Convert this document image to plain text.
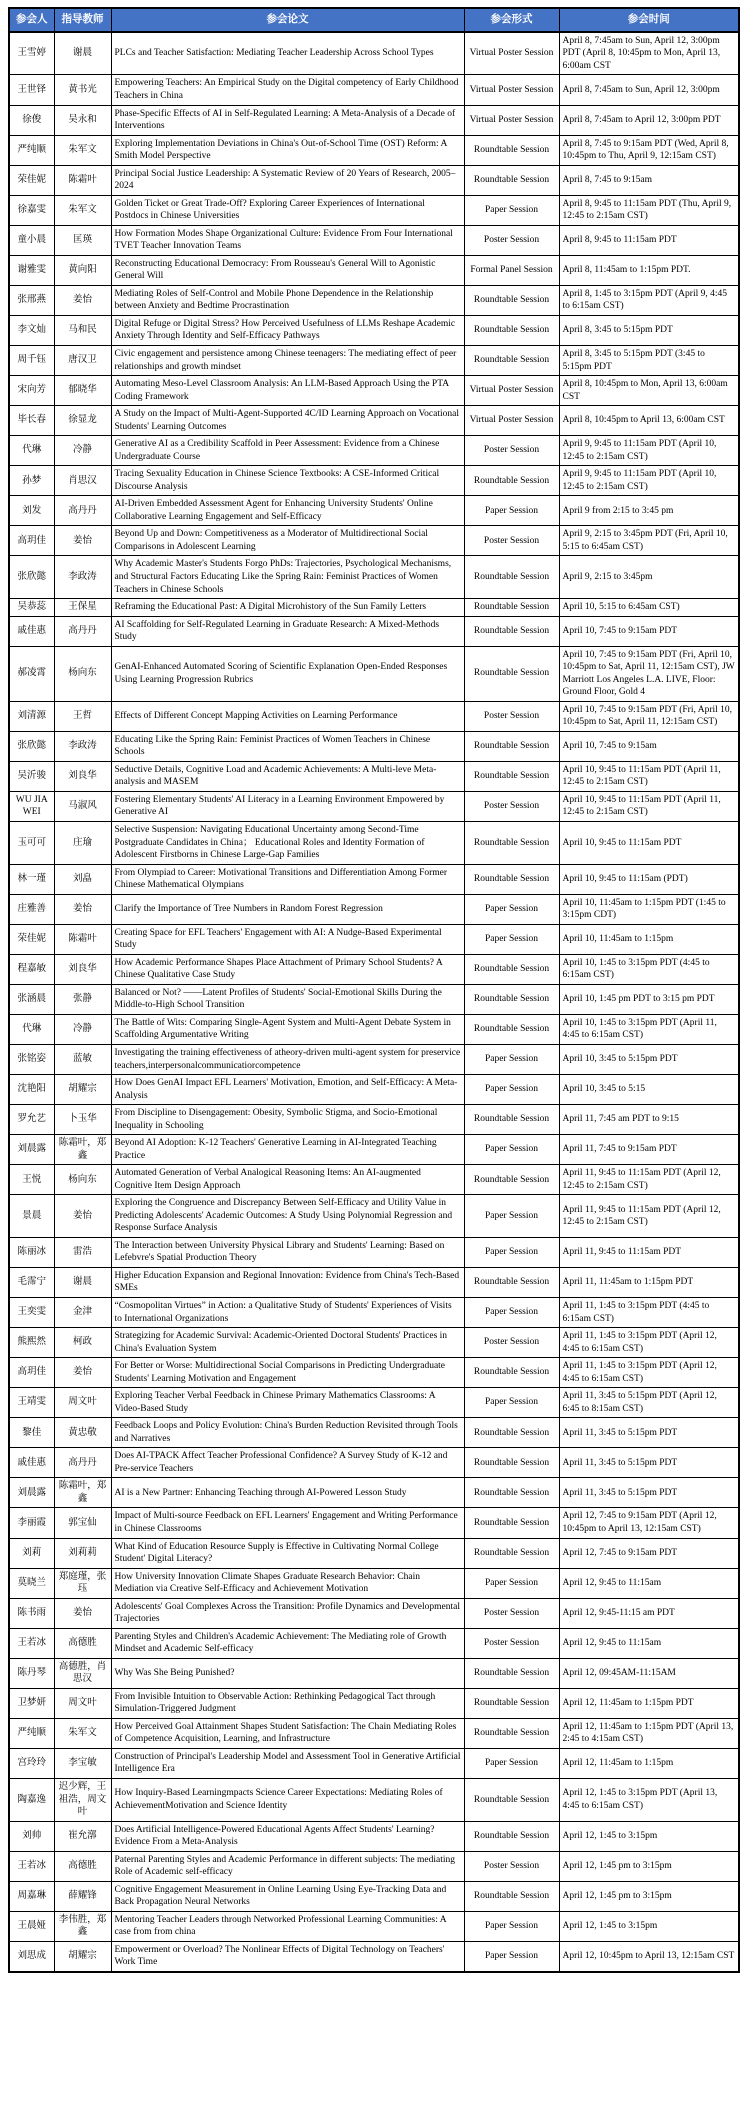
参会人	指导教师	参会论文	参会形式	参会时间
王雪婷	谢晨	PLCs and Teacher Satisfaction: Mediating Teacher Leadership Across School Types	Virtual Poster Session	April 8, 7:45am to Sun, April 12, 3:00pm PDT (April 8, 10:45pm to Mon, April 13, 6:00am CST
王世铎	黄书光	Empowering Teachers: An Empirical Study on the Digital competency of Early Childhood Teachers in China	Virtual Poster Session	April 8, 7:45am to Sun, April 12, 3:00pm
徐俊	吴永和	Phase-Specific Effects of AI in Self-Regulated Learning: A Meta-Analysis of a Decade of Interventions	Virtual Poster Session	April 8, 7:45am to April 12, 3:00pm PDT
严纯顺	朱军文	Exploring Implementation Deviations in China's Out-of-School Time (OST) Reform: A Smith Model Perspective	Roundtable Session	April 8, 7:45 to 9:15am PDT (Wed, April 8, 10:45pm to Thu, April 9, 12:15am CST)
荣佳妮	陈霜叶	Principal Social Justice Leadership: A Systematic Review of 20 Years of Research, 2005–2024	Roundtable Session	April 8, 7:45 to 9:15am
徐嘉雯	朱军文	Golden Ticket or Great Trade-Off? Exploring Career Experiences of International Postdocs in Chinese Universities	Paper Session	April 8, 9:45 to 11:15am PDT (Thu, April 9, 12:45 to 2:15am CST)
童小晨	匡瑛	How Formation Modes Shape Organizational Culture: Evidence From Four International TVET Teacher Innovation Teams	Poster Session	April 8, 9:45 to 11:15am PDT
谢雅雯	黄向阳	Reconstructing Educational Democracy: From Rousseau's General Will to Agonistic General Will	Formal Panel Session	April 8, 11:45am to 1:15pm PDT.
张邢燕	姜怡	Mediating Roles of Self-Control and Mobile Phone Dependence in the Relationship between Anxiety and Bedtime Procrastination	Roundtable Session	April 8, 1:45 to 3:15pm PDT (April 9, 4:45 to 6:15am CST)
李文灿	马和民	Digital Refuge or Digital Stress? How Perceived Usefulness of LLMs Reshape Academic Anxiety Through Identity and Self-Efficacy Pathways	Roundtable Session	April 8, 3:45 to 5:15pm PDT
周千钰	唐汉卫	Civic engagement and persistence among Chinese teenagers: The mediating effect of peer relationships and growth mindset	Roundtable Session	April 8, 3:45 to 5:15pm PDT (3:45 to 5:15pm PDT
宋向芳	郁晓华	Automating Meso-Level Classroom Analysis: An LLM-Based Approach Using the PTA Coding Framework	Virtual Poster Session	April 8, 10:45pm to Mon, April 13, 6:00am CST
毕长春	徐显龙	A Study on the Impact of Multi-Agent-Supported 4C/ID Learning Approach on Vocational Students' Learning Outcomes	Virtual Poster Session	April 8, 10:45pm to April 13, 6:00am CST
代琳	冷静	Generative AI as a Credibility Scaffold in Peer Assessment: Evidence from a Chinese Undergraduate Course	Poster Session	April 9, 9:45 to 11:15am PDT (April 10, 12:45 to 2:15am CST)
孙梦	肖思汉	Tracing Sexuality Education in Chinese Science Textbooks: A CSE-Informed Critical Discourse Analysis	Roundtable Session	April 9, 9:45 to 11:15am PDT (April 10, 12:45 to 2:15am CST)
刘发	高丹丹	AI-Driven Embedded Assessment Agent for Enhancing University Students' Online Collaborative Learning Engagement and Self-Efficacy	Paper Session	April 9 from 2:15 to 3:45 pm
高玥佳	姜怡	Beyond Up and Down: Competitiveness as a Moderator of Multidirectional Social Comparisons in Adolescent Learning	Poster Session	April 9, 2:15 to 3:45pm PDT (Fri, April 10, 5:15 to 6:45am CST)
张欣懿	李政涛	Why Academic Master's Students Forgo PhDs: Trajectories, Psychological Mechanisms, and Structural Factors Educating Like the Spring Rain: Feminist Practices of Women Teachers in Chinese Schools	Roundtable Session	April 9, 2:15 to 3:45pm
吴恭蕊	王保星	Reframing the Educational Past: A Digital Microhistory of the Sun Family Letters	Roundtable Session	April 10, 5:15 to 6:45am CST)
戚佳惠	高丹丹	AI Scaffolding for Self-Regulated Learning in Graduate Research: A Mixed-Methods Study	Roundtable Session	April 10, 7:45 to 9:15am PDT
郝凌霄	杨向东	GenAI-Enhanced Automated Scoring of Scientific Explanation Open-Ended Responses Using Learning Progression Rubrics	Roundtable Session	April 10, 7:45 to 9:15am PDT (Fri, April 10, 10:45pm to Sat, April 11, 12:15am CST), JW Marriott Los Angeles L.A. LIVE, Floor: Ground Floor, Gold 4
刘清源	王哲	Effects of Different Concept Mapping Activities on Learning Performance	Poster Session	April 10, 7:45 to 9:15am PDT (Fri, April 10, 10:45pm to Sat, April 11, 12:15am CST)
张欣懿	李政涛	Educating Like the Spring Rain: Feminist Practices of Women Teachers in Chinese Schools	Roundtable Session	April 10, 7:45 to 9:15am
吴沂骏	刘良华	Seductive Details, Cognitive Load and Academic Achievements: A Multi-leve Meta-analysis and MASEM	Roundtable Session	April 10, 9:45 to 11:15am PDT (April 11, 12:45 to 2:15am CST)
WU JIA WEI	马淑风	Fostering Elementary Students' AI Literacy in a Learning Environment Empowered by Generative AI	Poster Session	April 10, 9:45 to 11:15am PDT (April 11, 12:45 to 2:15am CST)
玉可可	庄瑜	Selective Suspension: Navigating Educational Uncertainty among Second-Time Postgraduate Candidates in China； Educational Roles and Identity Formation of Adolescent Firstborns in Chinese Large-Gap Families	Roundtable Session	April 10, 9:45 to 11:15am PDT
林一瑾	刘皛	From Olympiad to Career: Motivational Transitions and Differentiation Among Former Chinese Mathematical Olympians	Roundtable Session	April 10, 9:45 to 11:15am (PDT)
庄雅善	姜怡	Clarify the Importance of Tree Numbers in Random Forest Regression	Paper Session	April 10, 11:45am to 1:15pm PDT (1:45 to 3:15pm CDT)
荣佳妮	陈霜叶	Creating Space for EFL Teachers' Engagement with AI: A Nudge-Based Experimental Study	Paper Session	April 10, 11:45am to 1:15pm
程嘉敏	刘良华	How Academic Performance Shapes Place Attachment of Primary School Students? A Chinese Qualitative Case Study	Roundtable Session	April 10, 1:45 to 3:15pm PDT (4:45 to 6:15am CST)
张涵晨	张静	Balanced or Not? ——Latent Profiles of Students' Social-Emotional Skills During the Middle-to-High School Transition	Roundtable Session	April 10, 1:45 pm PDT to 3:15 pm PDT
代琳	冷静	The Battle of Wits: Comparing Single-Agent System and Multi-Agent Debate System in Scaffolding Argumentative Writing	Roundtable Session	April 10, 1:45 to 3:15pm PDT (April 11, 4:45 to 6:15am CST)
张铭姿	蓝敏	Investigating the training effectiveness of atheory-driven multi-agent system for preservice teachers,interpersonalcommunicatiorcompetence	Paper Session	April 10, 3:45 to 5:15pm PDT
沈艳阳	胡耀宗	How Does GenAI Impact EFL Learners' Motivation, Emotion, and Self-Efficacy: A Meta-Analysis	Paper Session	April 10, 3:45 to 5:15
罗允艺	卜玉华	From Discipline to Disengagement: Obesity, Symbolic Stigma, and Socio-Emotional Inequality in Schooling	Roundtable Session	April 11, 7:45 am PDT to 9:15
刘晨露	陈霜叶，郑鑫	Beyond AI Adoption: K-12 Teachers' Generative Learning in AI-Integrated Teaching Practice	Paper Session	April 11, 7:45 to 9:15am PDT
王悦	杨向东	Automated Generation of Verbal Analogical Reasoning Items: An AI-augmented Cognitive Item Design Approach	Roundtable Session	April 11, 9:45 to 11:15am PDT (April 12, 12:45 to 2:15am CST)
景晨	姜怡	Exploring the Congruence and Discrepancy Between Self-Efficacy and Utility Value in Predicting Adolescents' Academic Outcomes: A Study Using Polynomial Regression and Response Surface Analysis	Paper Session	April 11, 9:45 to 11:15am PDT (April 12, 12:45 to 2:15am CST)
陈丽冰	雷浩	The Interaction between University Physical Library and Students' Learning: Based on Lefebvre's Spatial Production Theory	Paper Session	April 11, 9:45 to 11:15am PDT
毛霈宁	谢晨	Higher Education Expansion and Regional Innovation: Evidence from China's Tech-Based SMEs	Roundtable Session	April 11, 11:45am to 1:15pm PDT
王奕雯	金津	“Cosmopolitan Virtues” in Action: a Qualitative Study of Students' Experiences of Visits to International Organizations	Paper Session	April 11, 1:45 to 3:15pm PDT (4:45 to 6:15am CST)
熊熙然	柯政	Strategizing for Academic Survival: Academic-Oriented Doctoral Students' Practices in China's Evaluation System	Poster Session	April 11, 1:45 to 3:15pm PDT (April 12, 4:45 to 6:15am CST)
高玥佳	姜怡	For Better or Worse: Multidirectional Social Comparisons in Predicting Undergraduate Students' Learning Motivation and Engagement	Roundtable Session	April 11, 1:45 to 3:15pm PDT (April 12, 4:45 to 6:15am CST)
王靖雯	周文叶	Exploring Teacher Verbal Feedback in Chinese Primary Mathematics Classrooms: A Video-Based Study	Paper Session	April 11, 3:45 to 5:15pm PDT (April 12, 6:45 to 8:15am CST)
黎佳	黄忠敬	Feedback Loops and Policy Evolution: China's Burden Reduction Revisited through Tools and Narratives	Roundtable Session	April 11, 3:45 to 5:15pm PDT
戚佳惠	高丹丹	Does AI-TPACK Affect Teacher Professional Confidence? A Survey Study of K-12 and Pre-service Teachers	Roundtable Session	April 11, 3:45 to 5:15pm PDT
刘晨露	陈霜叶，郑鑫	AI is a New Partner: Enhancing Teaching through AI-Powered Lesson Study	Roundtable Session	April 11, 3:45 to 5:15pm PDT
李丽霞	郭宝仙	Impact of Multi-source Feedback on EFL Learners' Engagement and Writing Performance in Chinese Classrooms	Roundtable Session	April 12, 7:45 to 9:15am PDT (April 12, 10:45pm to April 13, 12:15am CST)
刘莉	刘莉莉	What Kind of Education Resource Supply is Effective in Cultivating Normal College Student' Digital Literacy?	Roundtable Session	April 12, 7:45 to 9:15am PDT
莫晓兰	郑庭瑾，张珏	How University Innovation Climate Shapes Graduate Research Behavior: Chain Mediation via Creative Self-Efficacy and Achievement Motivation	Paper Session	April 12, 9:45 to 11:15am
陈书雨	姜怡	Adolescents' Goal Complexes Across the Transition: Profile Dynamics and Developmental Trajectories	Poster Session	April 12, 9:45-11:15 am PDT
王若冰	高德胜	Parenting Styles and Children's Academic Achievement: The Mediating role of Growth Mindset and Academic Self-efficacy	Poster Session	April 12, 9:45 to 11:15am
陈丹琴	高德胜，肖思汉	Why Was She Being Punished?	Roundtable Session	April 12, 09:45AM-11:15AM
卫梦妍	周文叶	From Invisible Intuition to Observable Action: Rethinking Pedagogical Tact through Simulation-Triggered Judgment	Roundtable Session	April 12, 11:45am to 1:15pm PDT
严纯顺	朱军文	How Perceived Goal Attainment Shapes Student Satisfaction: The Chain Mediating Roles of Competence Acquisition, Learning, and Infrastructure	Roundtable Session	April 12, 11:45am to 1:15pm PDT (April 13, 2:45 to 4:15am CST)
宫玲玲	李宝敏	Construction of Principal's Leadership Model and Assessment Tool in Generative Artificial Intelligence Era	Paper Session	April 12, 11:45am to 1:15pm
陶嘉逸	迟少辉，王祖浩，周文叶	How Inquiry-Based Learningmpacts Science Career Expectations: Mediating Roles of AchievementMotivation and Science Identity	Roundtable Session	April 12, 1:45 to 3:15pm PDT (April 13, 4:45 to 6:15am CST)
刘帅	崔允漷	Does Artificial Intelligence-Powered Educational Agents Affect Students' Learning? Evidence From a Meta-Analysis	Roundtable Session	April 12, 1:45 to 3:15pm
王若冰	高德胜	Paternal Parenting Styles and Academic Performance in different subjects: The mediating Role of Academic self-efficacy	Poster Session	April 12, 1:45 pm to 3:15pm
周嘉琳	薛耀锋	Cognitive Engagement Measurement in Online Learning Using Eye-Tracking Data and Back Propagation Neural Networks	Roundtable Session	April 12, 1:45 pm to 3:15pm
王晨娅	李伟胜，郑鑫	Mentoring Teacher Leaders through Networked Professional Learning Communities: A case from from china	Paper Session	April 12, 1:45 to 3:15pm
刘思成	胡耀宗	Empowerment or Overload? The Nonlinear Effects of Digital Technology on Teachers' Work Time	Paper Session	April 12, 10:45pm to April 13, 12:15am CST
